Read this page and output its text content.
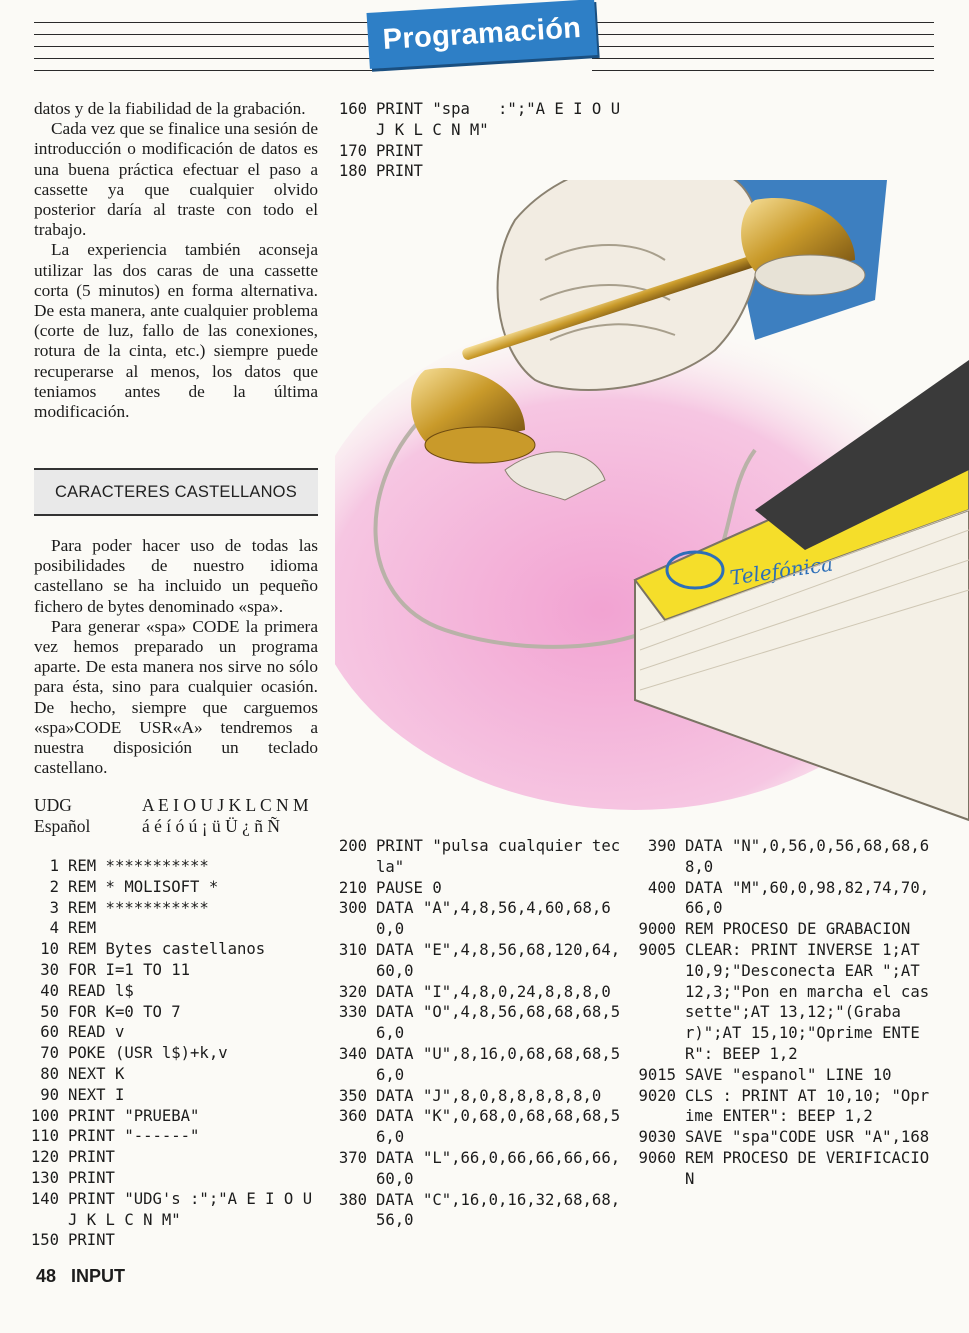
Programación
Telefónica

datos y de la fiabilidad de la grabación.

Cada vez que se finalice una sesión de introducción o modificación de datos es una buena práctica efectuar el paso a cassette ya que cualquier olvido posterior daría al traste con todo el trabajo.

La experiencia también aconseja utilizar las dos caras de una cassette corta (5 minutos) en forma alternativa. De esta manera, ante cualquier problema (corte de luz, fallo de las conexiones, rotura de la cinta, etc.) siempre puede recuperarse al menos, los datos que teniamos antes de la última modificación.

CARACTERES CASTELLANOS

Para poder hacer uso de todas las posibilidades de nuestro idioma castellano se ha incluido un pequeño fichero de bytes denominado «spa».

Para generar «spa» CODE la primera vez hemos preparado un programa aparte. De esta manera nos sirve no sólo para ésta, sino para cualquier ocasión. De hecho, siempre que carguemos «spa»CODE USR«A» tendremos a nuestra disposición un teclado castellano.

UDG	A E I O U J K L C N M
Español	á é í ó ú ¡ ü Ü ¿ ñ Ñ
1 REM ***********
2 REM * MOLISOFT *
3 REM ***********
4 REM
10 REM Bytes castellanos
30 FOR I=1 TO 11
40 READ l$
50 FOR K=0 TO 7
60 READ v
70 POKE (USR l$)+k,v
80 NEXT K
90 NEXT I
100 PRINT "PRUEBA"
110 PRINT "------"
120 PRINT
130 PRINT
140 PRINT "UDG's :";"A E I O U J K L C N M"
150 PRINT
160 PRINT "spa   :";"A E I O U J K L C N M"
170 PRINT
180 PRINT
200 PRINT "pulsa cualquier tecla"
210 PAUSE 0
300 DATA "A",4,8,56,4,60,68,60,0
310 DATA "E",4,8,56,68,120,64,60,0
320 DATA "I",4,8,0,24,8,8,8,0
330 DATA "O",4,8,56,68,68,68,56,0
340 DATA "U",8,16,0,68,68,68,56,0
350 DATA "J",8,0,8,8,8,8,8,0
360 DATA "K",0,68,0,68,68,68,56,0
370 DATA "L",66,0,66,66,66,66,60,0
380 DATA "C",16,0,16,32,68,68,56,0
390 DATA "N",0,56,0,56,68,68,68,0
400 DATA "M",60,0,98,82,74,70,66,0
9000 REM PROCESO DE GRABACION
9005 CLEAR: PRINT INVERSE 1;AT 10,9;"Desconecta EAR ";AT 12,3;"Pon en marcha el cassette";AT 13,12;"(Grabar)";AT 15,10;"Oprime ENTER": BEEP 1,2
9015 SAVE "espanol" LINE 10
9020 CLS : PRINT AT 10,10; "Oprime ENTER": BEEP 1,2
9030 SAVE "spa"CODE USR "A",168
9060 REM PROCESO DE VERIFICACION
48 INPUT
